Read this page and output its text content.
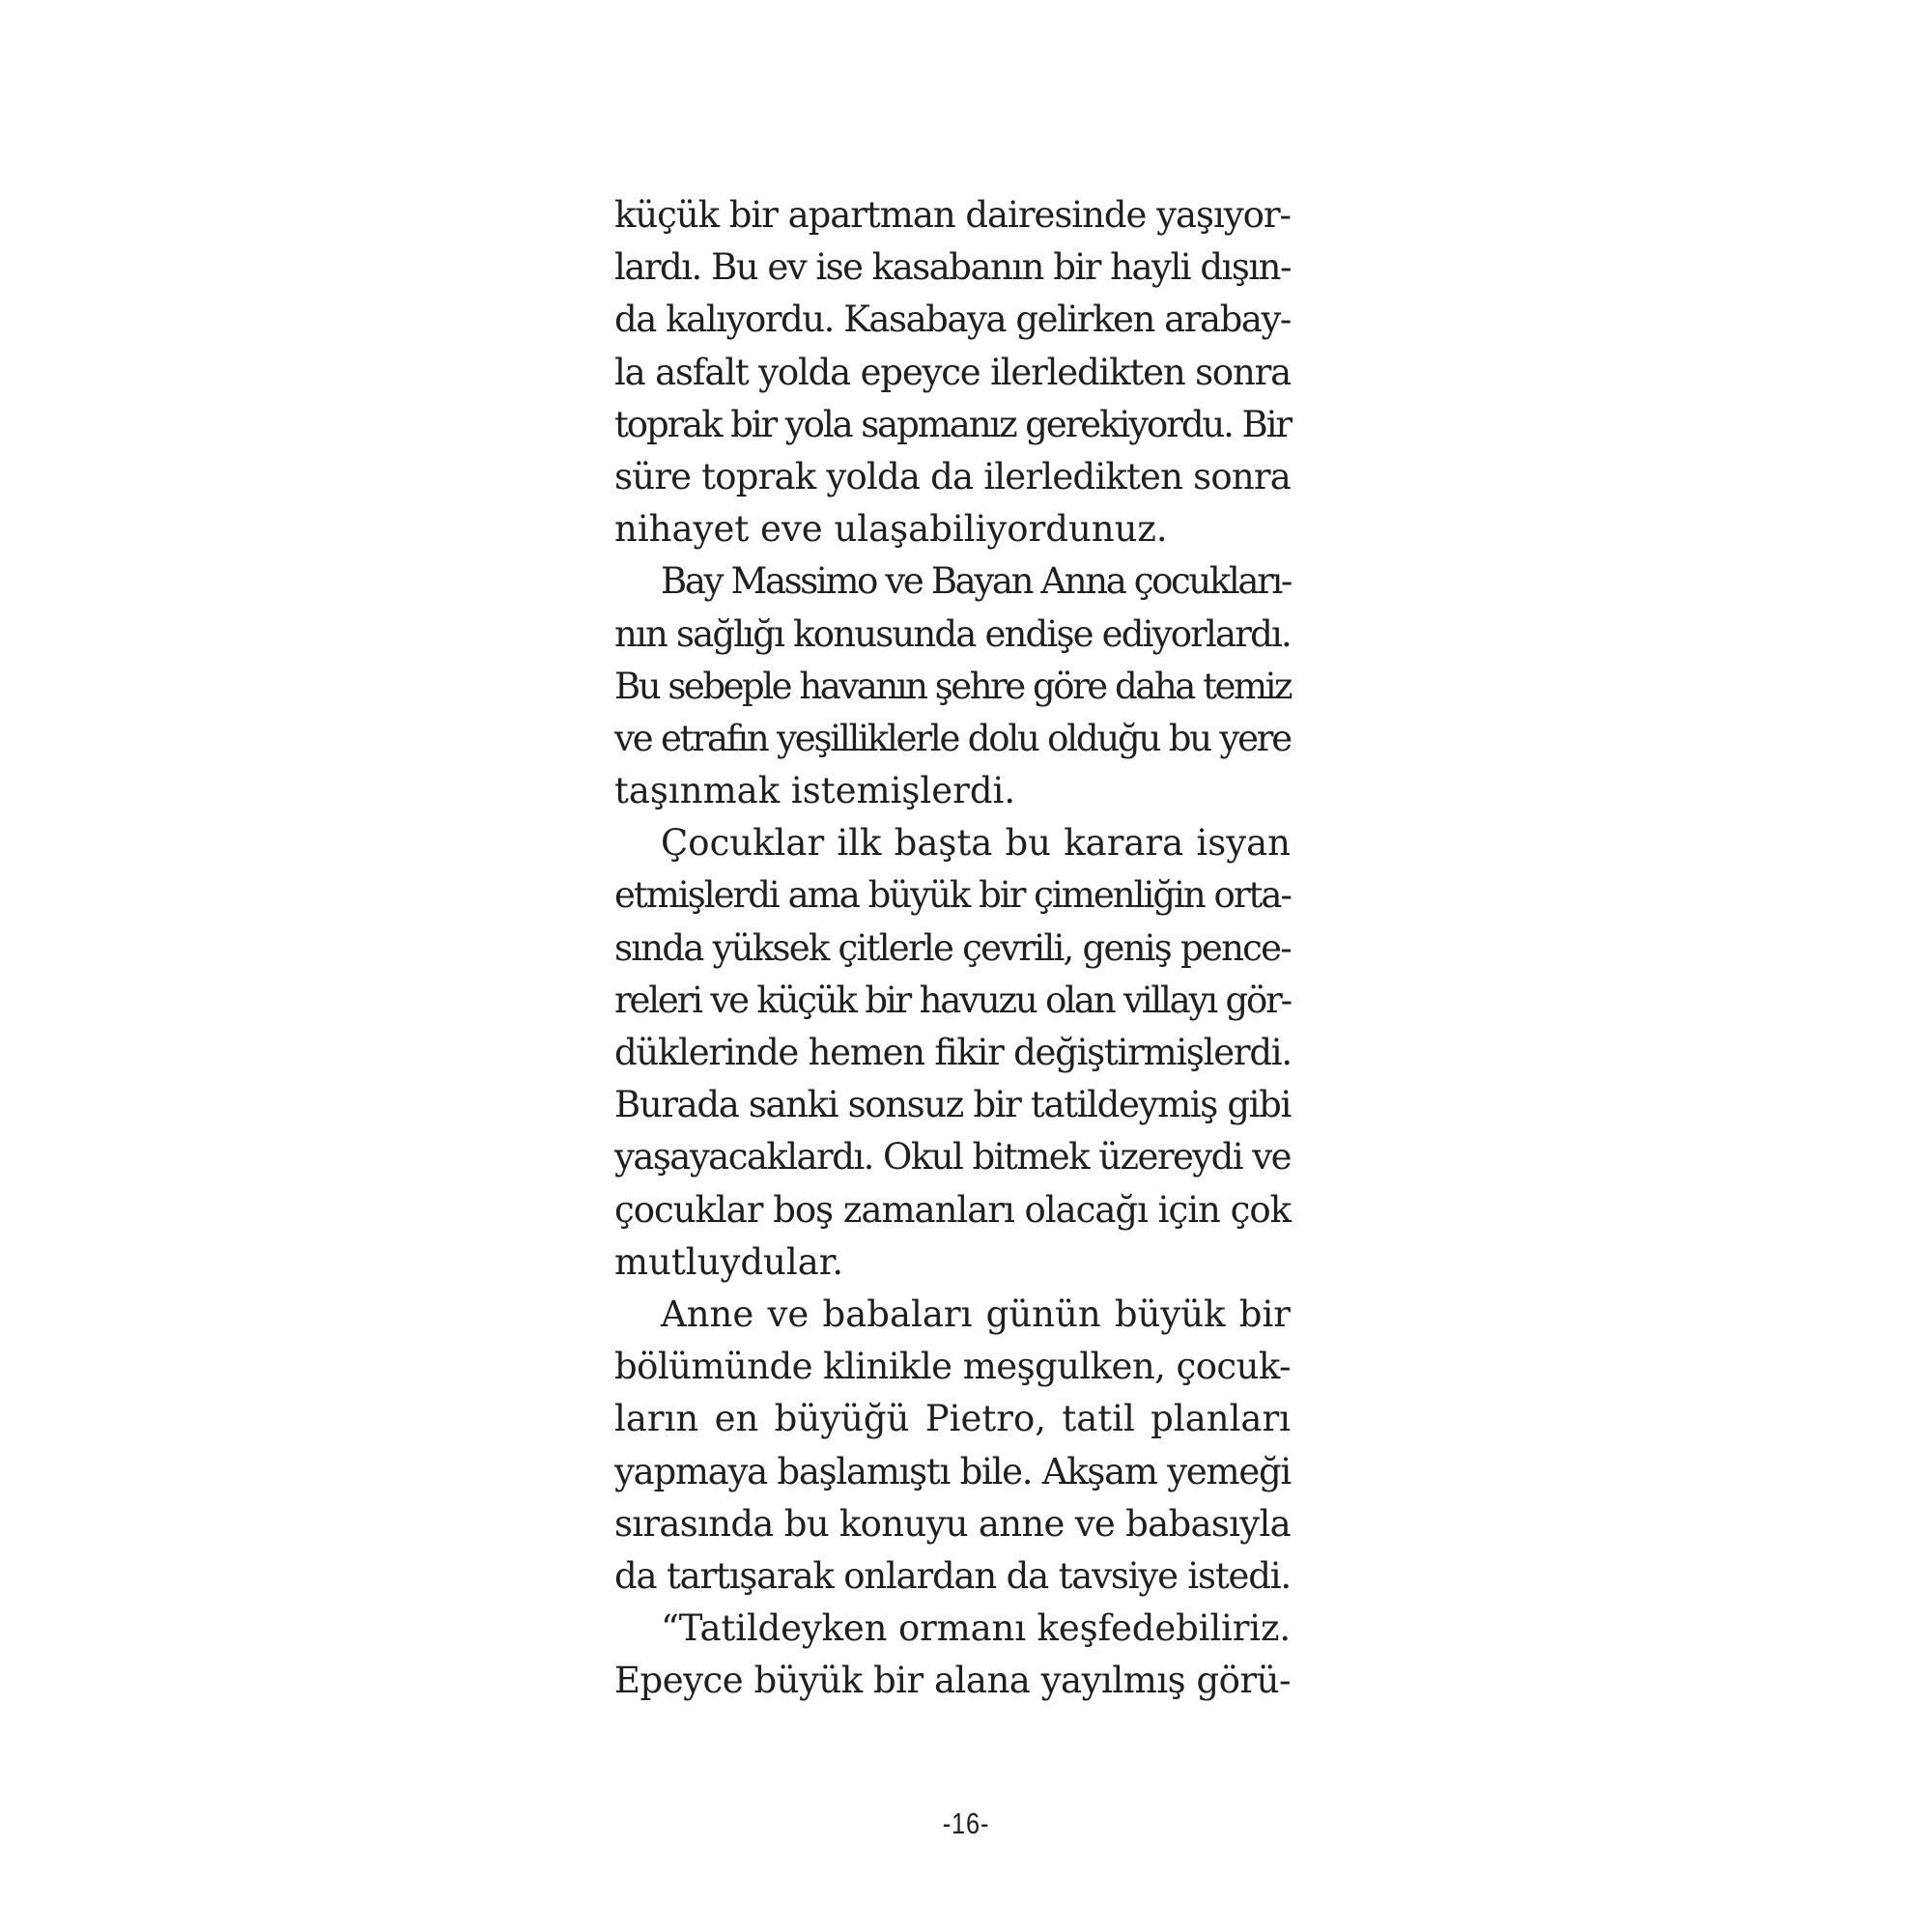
küçük bir apartman dairesinde yaşıyor-
lardı. Bu ev ise kasabanın bir hayli dışın-
da kalıyordu. Kasabaya gelirken arabay-
la asfalt yolda epeyce ilerledikten sonra
toprak bir yola sapmanız gerekiyordu. Bir
süre toprak yolda da ilerledikten sonra
nihayet eve ulaşabiliyordunuz.
Bay Massimo ve Bayan Anna çocukları-
nın sağlığı konusunda endişe ediyorlardı.
Bu sebeple havanın şehre göre daha temiz
ve etrafın yeşilliklerle dolu olduğu bu yere
taşınmak istemişlerdi.
Çocuklar ilk başta bu karara isyan
etmişlerdi ama büyük bir çimenliğin orta-
sında yüksek çitlerle çevrili, geniş pence-
releri ve küçük bir havuzu olan villayı gör-
düklerinde hemen fikir değiştirmişlerdi.
Burada sanki sonsuz bir tatildeymiş gibi
yaşayacaklardı. Okul bitmek üzereydi ve
çocuklar boş zamanları olacağı için çok
mutluydular.
Anne ve babaları günün büyük bir
bölümünde klinikle meşgulken, çocuk-
ların en büyüğü Pietro, tatil planları
yapmaya başlamıştı bile. Akşam yemeği
sırasında bu konuyu anne ve babasıyla
da tartışarak onlardan da tavsiye istedi.
“Tatildeyken ormanı keşfedebiliriz.
Epeyce büyük bir alana yayılmış görü-
-16-
